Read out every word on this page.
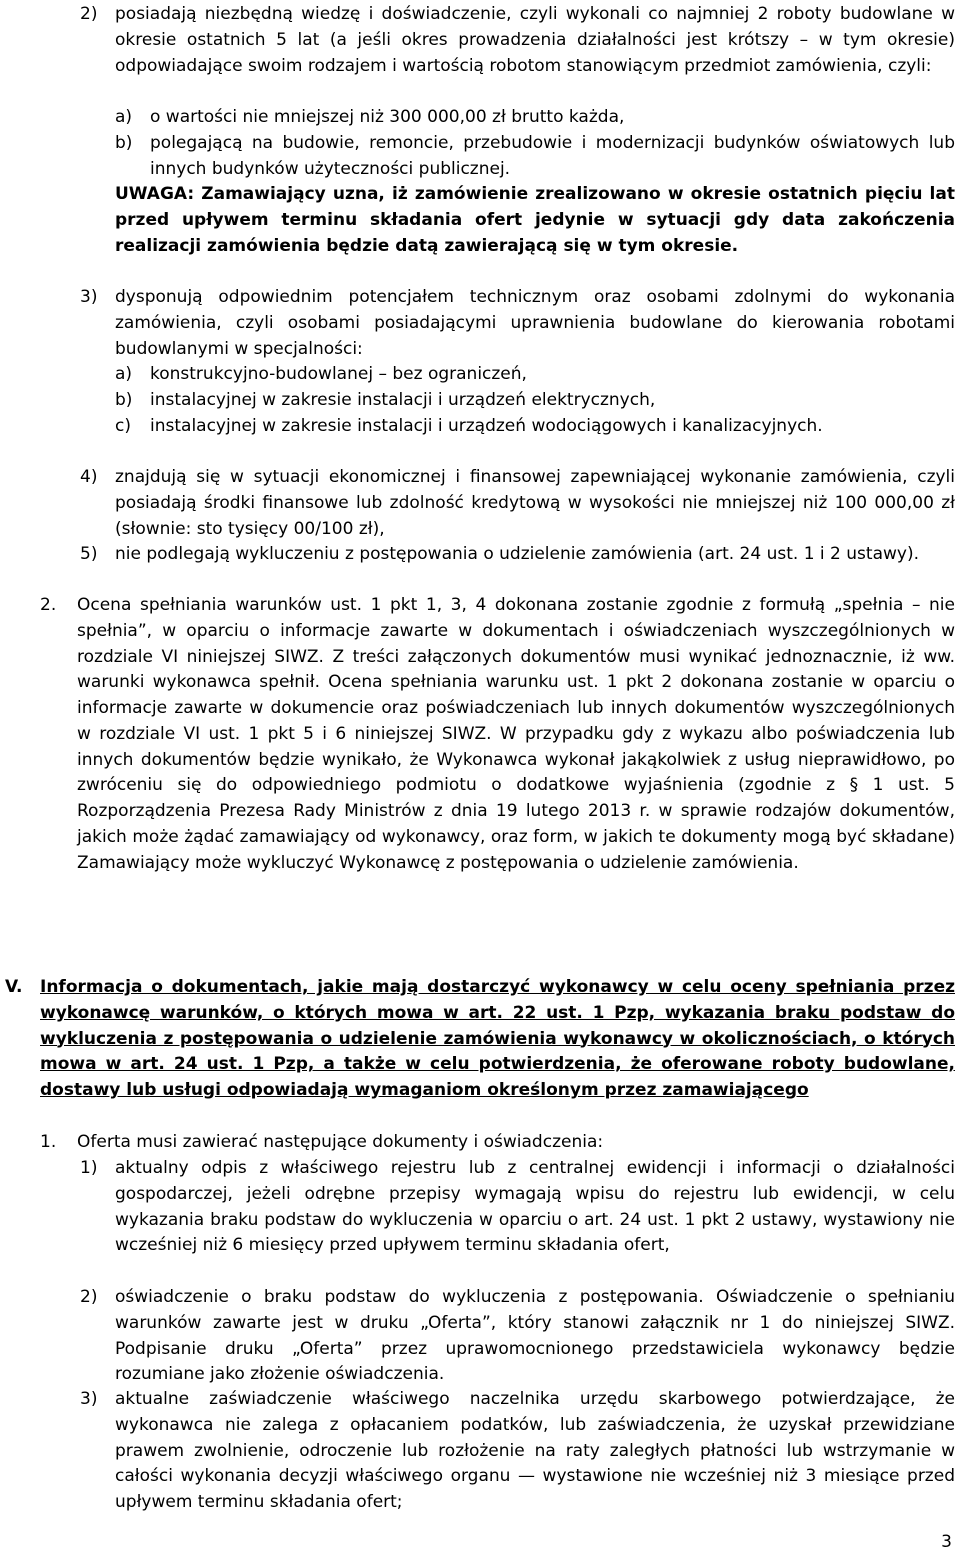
2) posiadają niezbędną wiedzę i doświadczenie, czyli wykonali co najmniej 2 roboty budowlane w okresie ostatnich 5 lat (a jeśli okres prowadzenia działalności jest krótszy – w tym okresie) odpowiadające swoim rodzajem i wartością robotom stanowiącym przedmiot zamówienia, czyli:
a) o wartości nie mniejszej niż 300 000,00 zł brutto każda,
b) polegającą na budowie, remoncie, przebudowie i modernizacji budynków oświatowych lub innych budynków użyteczności publicznej.
UWAGA: Zamawiający uzna, iż zamówienie zrealizowano w okresie ostatnich pięciu lat przed upływem terminu składania ofert jedynie w sytuacji gdy data zakończenia realizacji zamówienia będzie datą zawierającą się w tym okresie.
3) dysponują odpowiednim potencjałem technicznym oraz osobami zdolnymi do wykonania zamówienia, czyli osobami posiadającymi uprawnienia budowlane do kierowania robotami budowlanymi w specjalności:
a) konstrukcyjno-budowlanej – bez ograniczeń,
b) instalacyjnej w zakresie instalacji i urządzeń elektrycznych,
c) instalacyjnej w zakresie instalacji i urządzeń wodociągowych i kanalizacyjnych.
4) znajdują się w sytuacji ekonomicznej i finansowej zapewniającej wykonanie zamówienia, czyli posiadają środki finansowe lub zdolność kredytową w wysokości nie mniejszej niż 100 000,00 zł (słownie: sto tysięcy 00/100 zł),
5) nie podlegają wykluczeniu z postępowania o udzielenie zamówienia (art. 24 ust. 1 i 2 ustawy).
2. Ocena spełniania warunków ust. 1 pkt 1, 3, 4 dokonana zostanie zgodnie z formułą „spełnia – nie spełnia”, w oparciu o informacje zawarte w dokumentach i oświadczeniach wyszczególnionych w rozdziale VI niniejszej SIWZ. Z treści załączonych dokumentów musi wynikać jednoznacznie, iż ww. warunki wykonawca spełnił. Ocena spełniania warunku ust. 1 pkt 2 dokonana zostanie w oparciu o informacje zawarte w dokumencie oraz poświadczeniach lub innych dokumentów wyszczególnionych w rozdziale VI ust. 1 pkt 5 i 6 niniejszej SIWZ. W przypadku gdy z wykazu albo poświadczenia lub innych dokumentów będzie wynikało, że Wykonawca wykonał jakąkolwiek z usług nieprawidłowo, po zwróceniu się do odpowiedniego podmiotu o dodatkowe wyjaśnienia (zgodnie z § 1 ust. 5 Rozporządzenia Prezesa Rady Ministrów z dnia 19 lutego 2013 r. w sprawie rodzajów dokumentów, jakich może żądać zamawiający od wykonawcy, oraz form, w jakich te dokumenty mogą być składane) Zamawiający może wykluczyć Wykonawcę z postępowania o udzielenie zamówienia.
V. Informacja o dokumentach, jakie mają dostarczyć wykonawcy w celu oceny spełniania przez wykonawcę warunków, o których mowa w art. 22 ust. 1 Pzp, wykazania braku podstaw do wykluczenia z postępowania o udzielenie zamówienia wykonawcy w okolicznościach, o których mowa w art. 24 ust. 1 Pzp, a także w celu potwierdzenia, że oferowane roboty budowlane, dostawy lub usługi odpowiadają wymaganiom określonym przez zamawiającego
1. Oferta musi zawierać następujące dokumenty i oświadczenia:
1) aktualny odpis z właściwego rejestru lub z centralnej ewidencji i informacji o działalności gospodarczej, jeżeli odrębne przepisy wymagają wpisu do rejestru lub ewidencji, w celu wykazania braku podstaw do wykluczenia w oparciu o art. 24 ust. 1 pkt 2 ustawy, wystawiony nie wcześniej niż 6 miesięcy przed upływem terminu składania ofert,
2) oświadczenie o braku podstaw do wykluczenia z postępowania. Oświadczenie o spełnianiu warunków zawarte jest w druku „Oferta”, który stanowi załącznik nr 1 do niniejszej SIWZ. Podpisanie druku „Oferta” przez uprawomocnionego przedstawiciela wykonawcy będzie rozumiane jako złożenie oświadczenia.
3) aktualne zaświadczenie właściwego naczelnika urzędu skarbowego potwierdzające, że wykonawca nie zalega z opłacaniem podatków, lub zaświadczenia, że uzyskał przewidziane prawem zwolnienie, odroczenie lub rozłożenie na raty zaległych płatności lub wstrzymanie w całości wykonania decyzji właściwego organu — wystawione nie wcześniej niż 3 miesiące przed upływem terminu składania ofert;
3
